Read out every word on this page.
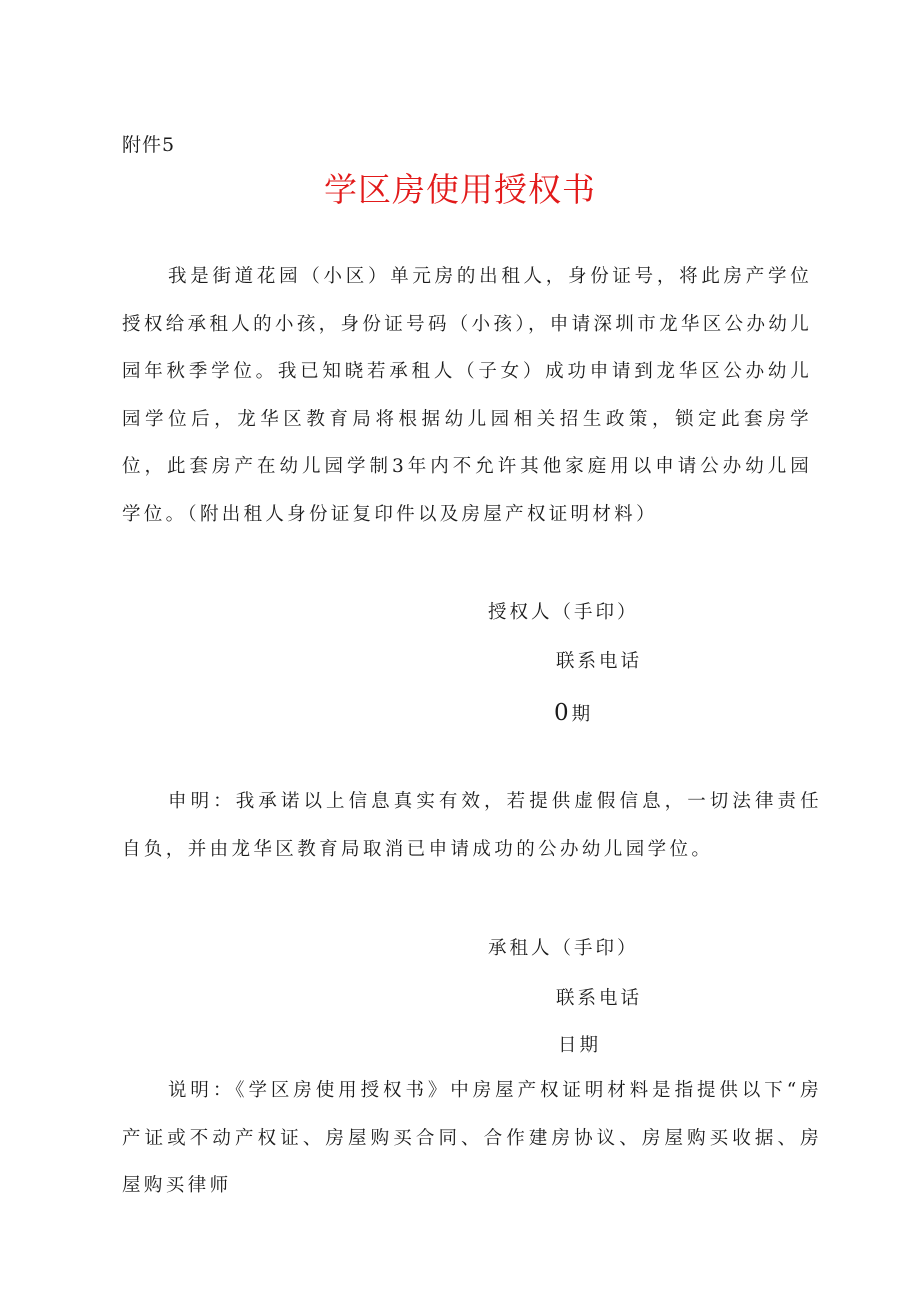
附件5
学区房使用授权书
我是街道花园（小区）单元房的出租人，身份证号，将此房产学位授权给承租人的小孩，身份证号码（小孩），申请深圳市龙华区公办幼儿园年秋季学位。我已知晓若承租人（子女）成功申请到龙华区公办幼儿园学位后，龙华区教育局将根据幼儿园相关招生政策，锁定此套房学位，此套房产在幼儿园学制3年内不允许其他家庭用以申请公办幼儿园学位。（附出租人身份证复印件以及房屋产权证明材料）
授权人（手印）
联系电话
0期
申明：我承诺以上信息真实有效，若提供虚假信息，一切法律责任自负，并由龙华区教育局取消已申请成功的公办幼儿园学位。
承租人（手印）
联系电话
日期
说明：《学区房使用授权书》中房屋产权证明材料是指提供以下“房产证或不动产权证、房屋购买合同、合作建房协议、房屋购买收据、房屋购买律师
